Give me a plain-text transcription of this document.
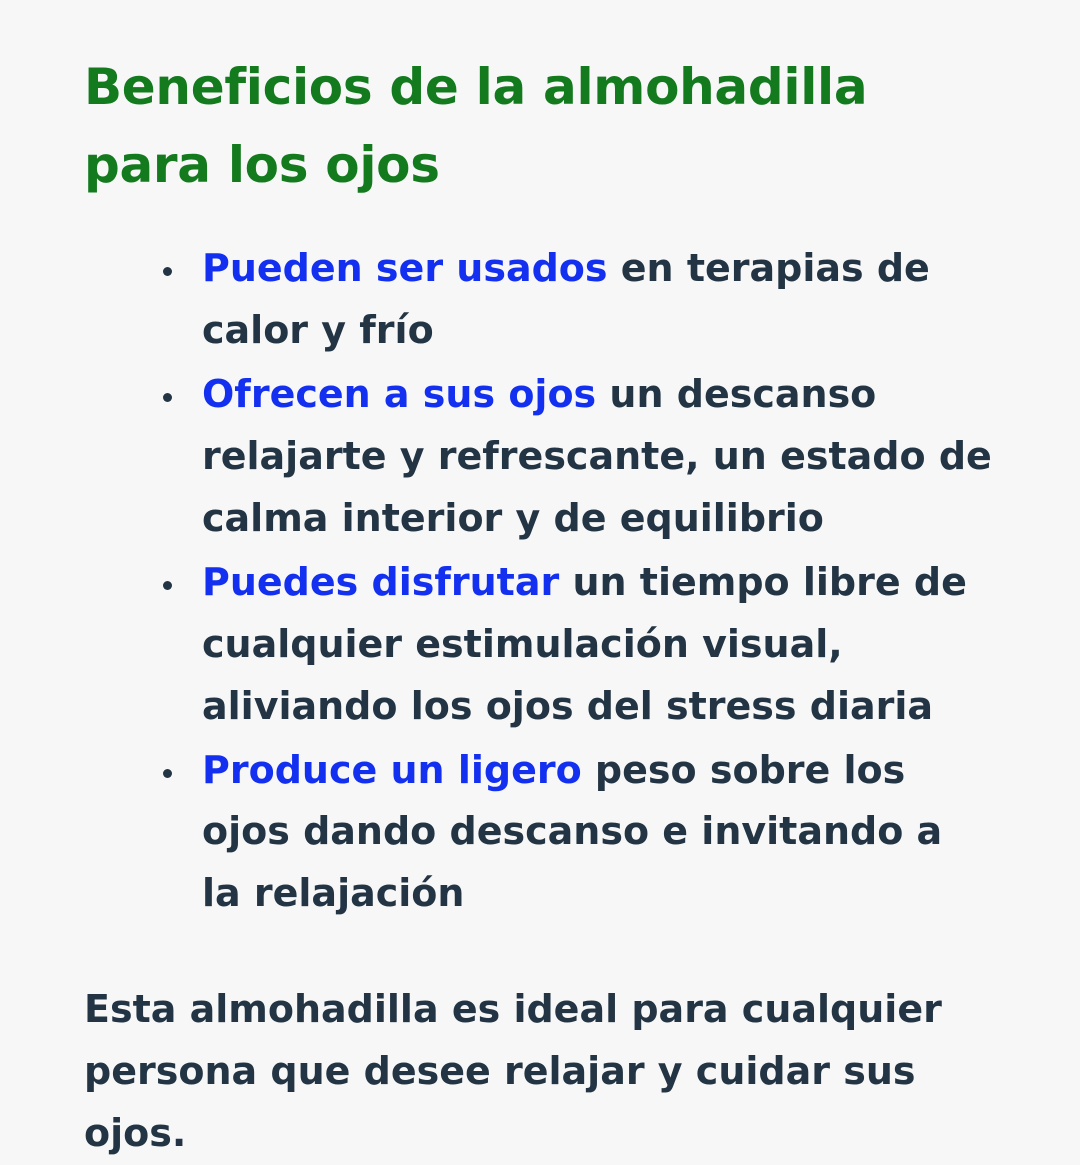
Beneficios de la almohadilla para los ojos
• Pueden ser usados en terapias de calor y frío
• Ofrecen a sus ojos un descanso relajarte y refrescante, un estado de calma interior y de equilibrio
• Puedes disfrutar un tiempo libre de cualquier estimulación visual, aliviando los ojos del stress diaria
• Produce un ligero peso sobre los ojos dando descanso e invitando a la relajación

Esta almohadilla es ideal para cualquier persona que desee relajar y cuidar sus ojos.
